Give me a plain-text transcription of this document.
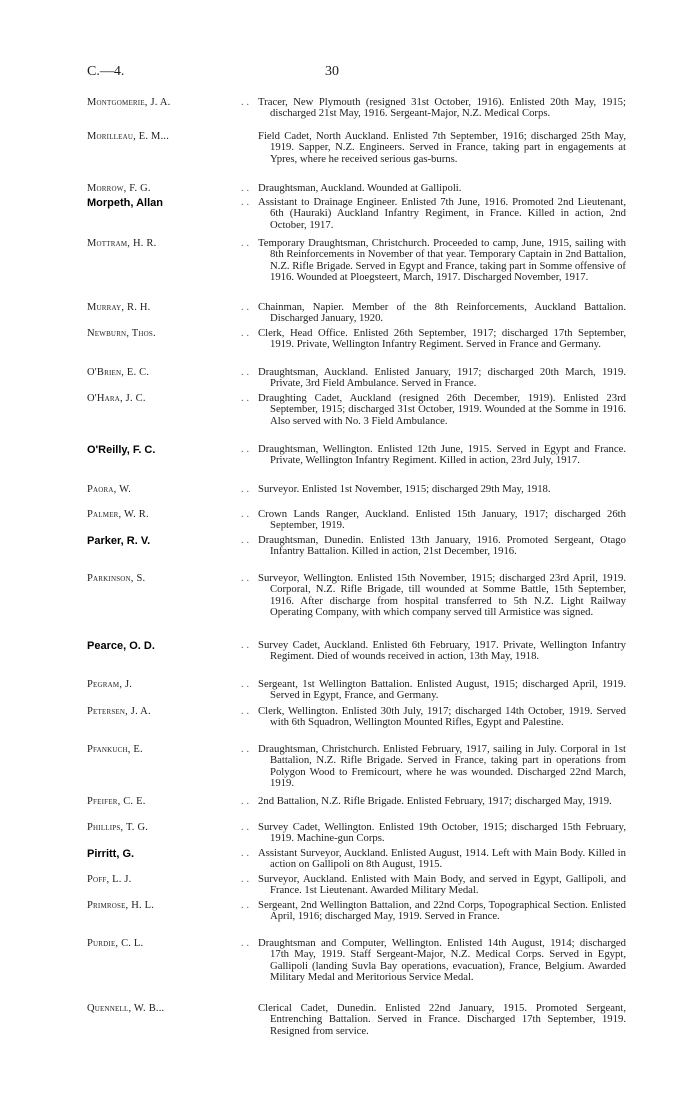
C.—4.	30
Montgomerie, J. A.	.. Tracer, New Plymouth (resigned 31st October, 1916). Enlisted 20th May, 1915; discharged 21st May, 1916. Sergeant-Major, N.Z. Medical Corps.
Morilleau, E. M...	Field Cadet, North Auckland. Enlisted 7th September, 1916; discharged 25th May, 1919. Sapper, N.Z. Engineers. Served in France, taking part in engagements at Ypres, where he received serious gas-burns.
Morrow, F. G.	.. Draughtsman, Auckland. Wounded at Gallipoli.
Morpeth, Allan	.. Assistant to Drainage Engineer. Enlisted 7th June, 1916. Promoted 2nd Lieutenant, 6th (Hauraki) Auckland Infantry Regiment, in France. Killed in action, 2nd October, 1917.
Mottram, H. R.	.. Temporary Draughtsman, Christchurch. Proceeded to camp, June, 1915, sailing with 8th Reinforcements in November of that year. Temporary Captain in 2nd Battalion, N.Z. Rifle Brigade. Served in Egypt and France, taking part in Somme offensive of 1916. Wounded at Ploegsteert, March, 1917. Discharged November, 1917.
Murray, R. H.	.. Chainman, Napier. Member of the 8th Reinforcements, Auckland Battalion. Discharged January, 1920.
Newburn, Thos.	.. Clerk, Head Office. Enlisted 26th September, 1917; discharged 17th September, 1919. Private, Wellington Infantry Regiment. Served in France and Germany.
O'Brien, E. C.	.. Draughtsman, Auckland. Enlisted January, 1917; discharged 20th March, 1919. Private, 3rd Field Ambulance. Served in France.
O'Hara, J. C.	.. Draughting Cadet, Auckland (resigned 26th December, 1919). Enlisted 23rd September, 1915; discharged 31st October, 1919. Wounded at the Somme in 1916. Also served with No. 3 Field Ambulance.
O'Reilly, F. C.	.. Draughtsman, Wellington. Enlisted 12th June, 1915. Served in Egypt and France. Private, Wellington Infantry Regiment. Killed in action, 23rd July, 1917.
Paora, W.	.. Surveyor. Enlisted 1st November, 1915; discharged 29th May, 1918.
Palmer, W. R.	.. Crown Lands Ranger, Auckland. Enlisted 15th January, 1917; discharged 26th September, 1919.
Parker, R. V.	.. Draughtsman, Dunedin. Enlisted 13th January, 1916. Promoted Sergeant, Otago Infantry Battalion. Killed in action, 21st December, 1916.
Parkinson, S.	.. Surveyor, Wellington. Enlisted 15th November, 1915; discharged 23rd April, 1919. Corporal, N.Z. Rifle Brigade, till wounded at Somme Battle, 15th September, 1916. After discharge from hospital transferred to 5th N.Z. Light Railway Operating Company, with which company served till Armistice was signed.
Pearce, O. D.	.. Survey Cadet, Auckland. Enlisted 6th February, 1917. Private, Wellington Infantry Regiment. Died of wounds received in action, 13th May, 1918.
Pegram, J.	.. Sergeant, 1st Wellington Battalion. Enlisted August, 1915; discharged April, 1919. Served in Egypt, France, and Germany.
Petersen, J. A.	.. Clerk, Wellington. Enlisted 30th July, 1917; discharged 14th October, 1919. Served with 6th Squadron, Wellington Mounted Rifles, Egypt and Palestine.
Pfankuch, E.	.. Draughtsman, Christchurch. Enlisted February, 1917, sailing in July. Corporal in 1st Battalion, N.Z. Rifle Brigade. Served in France, taking part in operations from Polygon Wood to Fremicourt, where he was wounded. Discharged 22nd March, 1919.
Pfeifer, C. E.	.. 2nd Battalion, N.Z. Rifle Brigade. Enlisted February, 1917; discharged May, 1919.
Phillips, T. G.	.. Survey Cadet, Wellington. Enlisted 19th October, 1915; discharged 15th February, 1919. Machine-gun Corps.
Pirritt, G.	.. Assistant Surveyor, Auckland. Enlisted August, 1914. Left with Main Body. Killed in action on Gallipoli on 8th August, 1915.
Poff, L. J.	.. Surveyor, Auckland. Enlisted with Main Body, and served in Egypt, Gallipoli, and France. 1st Lieutenant. Awarded Military Medal.
Primrose, H. L.	.. Sergeant, 2nd Wellington Battalion, and 22nd Corps, Topographical Section. Enlisted April, 1916; discharged May, 1919. Served in France.
Purdie, C. L.	.. Draughtsman and Computer, Wellington. Enlisted 14th August, 1914; discharged 17th May, 1919. Staff Sergeant-Major, N.Z. Medical Corps. Served in Egypt, Gallipoli (landing Suvla Bay operations, evacuation), France, Belgium. Awarded Military Medal and Meritorious Service Medal.
Quennell, W. B...	Clerical Cadet, Dunedin. Enlisted 22nd January, 1915. Promoted Sergeant, Entrenching Battalion. Served in France. Discharged 17th September, 1919. Resigned from service.
